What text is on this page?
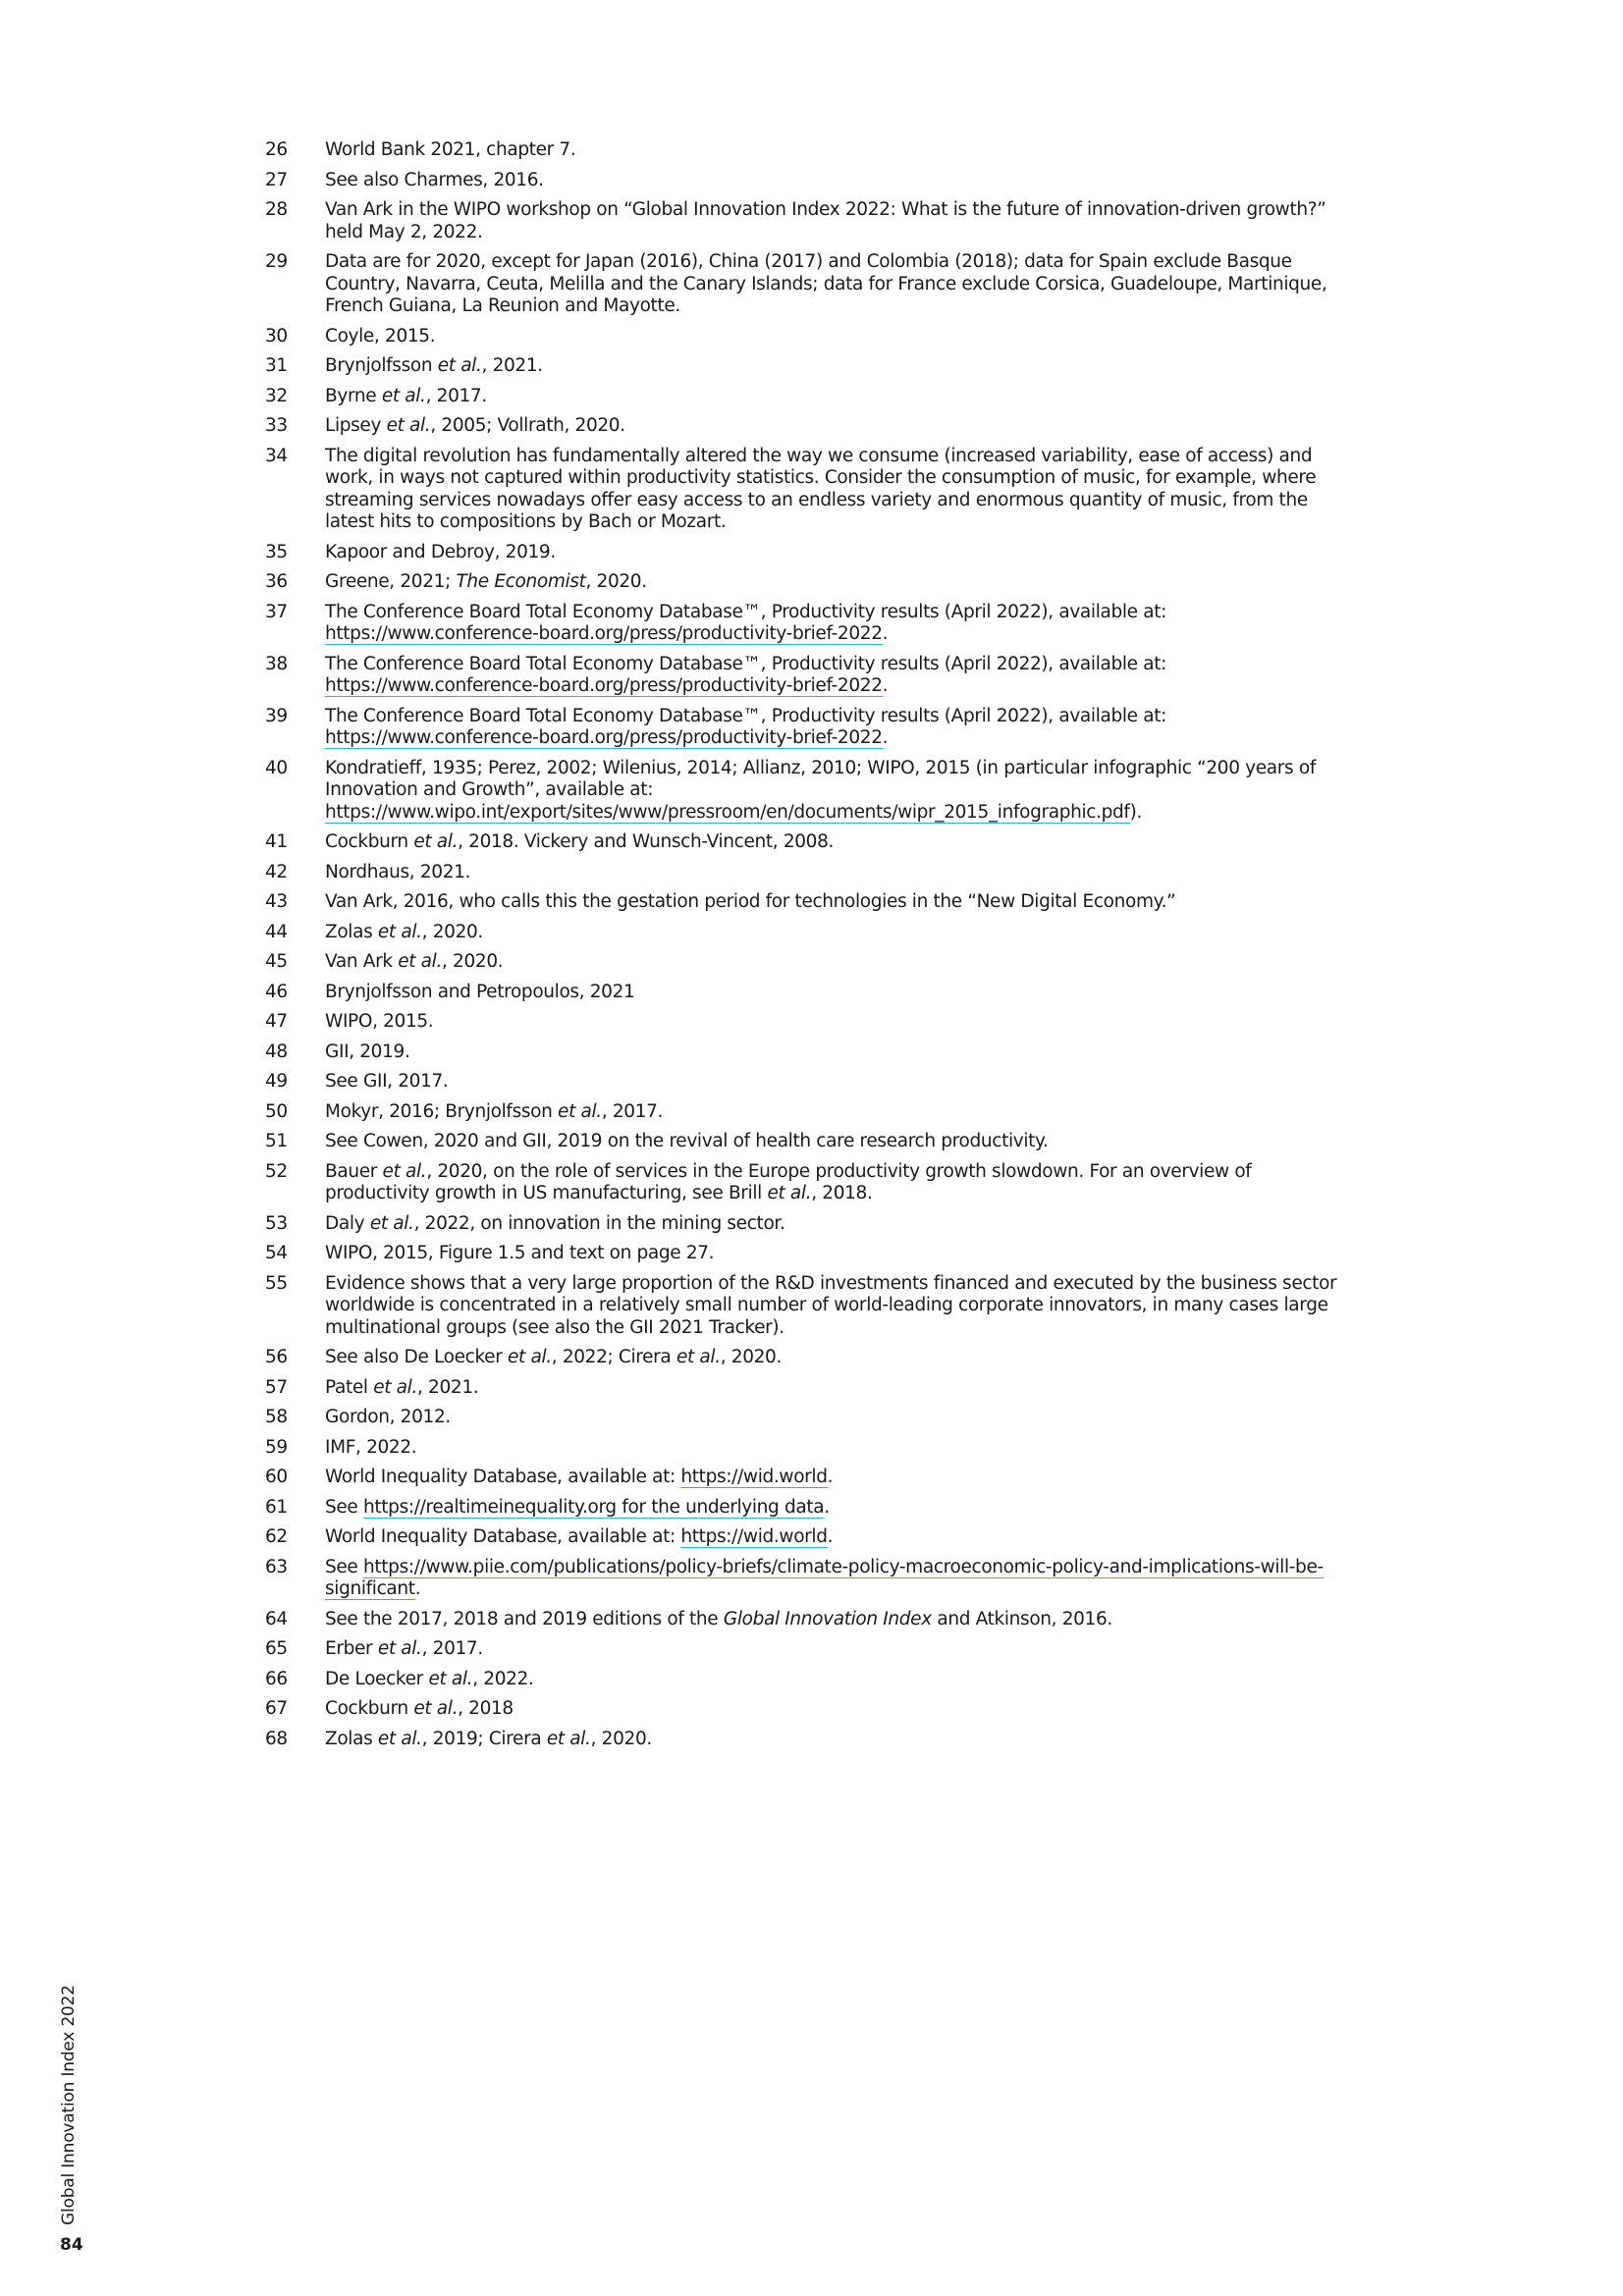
26	World Bank 2021, chapter 7.
27	See also Charmes, 2016.
28	Van Ark in the WIPO workshop on “Global Innovation Index 2022: What is the future of innovation-driven growth?” held May 2, 2022.
29	Data are for 2020, except for Japan (2016), China (2017) and Colombia (2018); data for Spain exclude Basque Country, Navarra, Ceuta, Melilla and the Canary Islands; data for France exclude Corsica, Guadeloupe, Martinique, French Guiana, La Reunion and Mayotte.
30	Coyle, 2015.
31	Brynjolfsson et al., 2021.
32	Byrne et al., 2017.
33	Lipsey et al., 2005; Vollrath, 2020.
34	The digital revolution has fundamentally altered the way we consume (increased variability, ease of access) and work, in ways not captured within productivity statistics. Consider the consumption of music, for example, where streaming services nowadays offer easy access to an endless variety and enormous quantity of music, from the latest hits to compositions by Bach or Mozart.
35	Kapoor and Debroy, 2019.
36	Greene, 2021; The Economist, 2020.
37	The Conference Board Total Economy Database™, Productivity results (April 2022), available at: https://www.conference-board.org/press/productivity-brief-2022.
38	The Conference Board Total Economy Database™, Productivity results (April 2022), available at: https://www.conference-board.org/press/productivity-brief-2022.
39	The Conference Board Total Economy Database™, Productivity results (April 2022), available at: https://www.conference-board.org/press/productivity-brief-2022.
40	Kondratieff, 1935; Perez, 2002; Wilenius, 2014; Allianz, 2010; WIPO, 2015 (in particular infographic “200 years of Innovation and Growth”, available at: https://www.wipo.int/export/sites/www/pressroom/en/documents/wipr_2015_infographic.pdf).
41	Cockburn et al., 2018. Vickery and Wunsch-Vincent, 2008.
42	Nordhaus, 2021.
43	Van Ark, 2016, who calls this the gestation period for technologies in the “New Digital Economy.”
44	Zolas et al., 2020.
45	Van Ark et al., 2020.
46	Brynjolfsson and Petropoulos, 2021
47	WIPO, 2015.
48	GII, 2019.
49	See GII, 2017.
50	Mokyr, 2016; Brynjolfsson et al., 2017.
51	See Cowen, 2020 and GII, 2019 on the revival of health care research productivity.
52	Bauer et al., 2020, on the role of services in the Europe productivity growth slowdown. For an overview of productivity growth in US manufacturing, see Brill et al., 2018.
53	Daly et al., 2022, on innovation in the mining sector.
54	WIPO, 2015, Figure 1.5 and text on page 27.
55	Evidence shows that a very large proportion of the R&D investments financed and executed by the business sector worldwide is concentrated in a relatively small number of world-leading corporate innovators, in many cases large multinational groups (see also the GII 2021 Tracker).
56	See also De Loecker et al., 2022; Cirera et al., 2020.
57	Patel et al., 2021.
58	Gordon, 2012.
59	IMF, 2022.
60	World Inequality Database, available at: https://wid.world.
61	See https://realtimeinequality.org for the underlying data.
62	World Inequality Database, available at: https://wid.world.
63	See https://www.piie.com/publications/policy-briefs/climate-policy-macroeconomic-policy-and-implications-will-be-significant.
64	See the 2017, 2018 and 2019 editions of the Global Innovation Index and Atkinson, 2016.
65	Erber et al., 2017.
66	De Loecker et al., 2022.
67	Cockburn et al., 2018
68	Zolas et al., 2019; Cirera et al., 2020.
Global Innovation Index 2022
84
